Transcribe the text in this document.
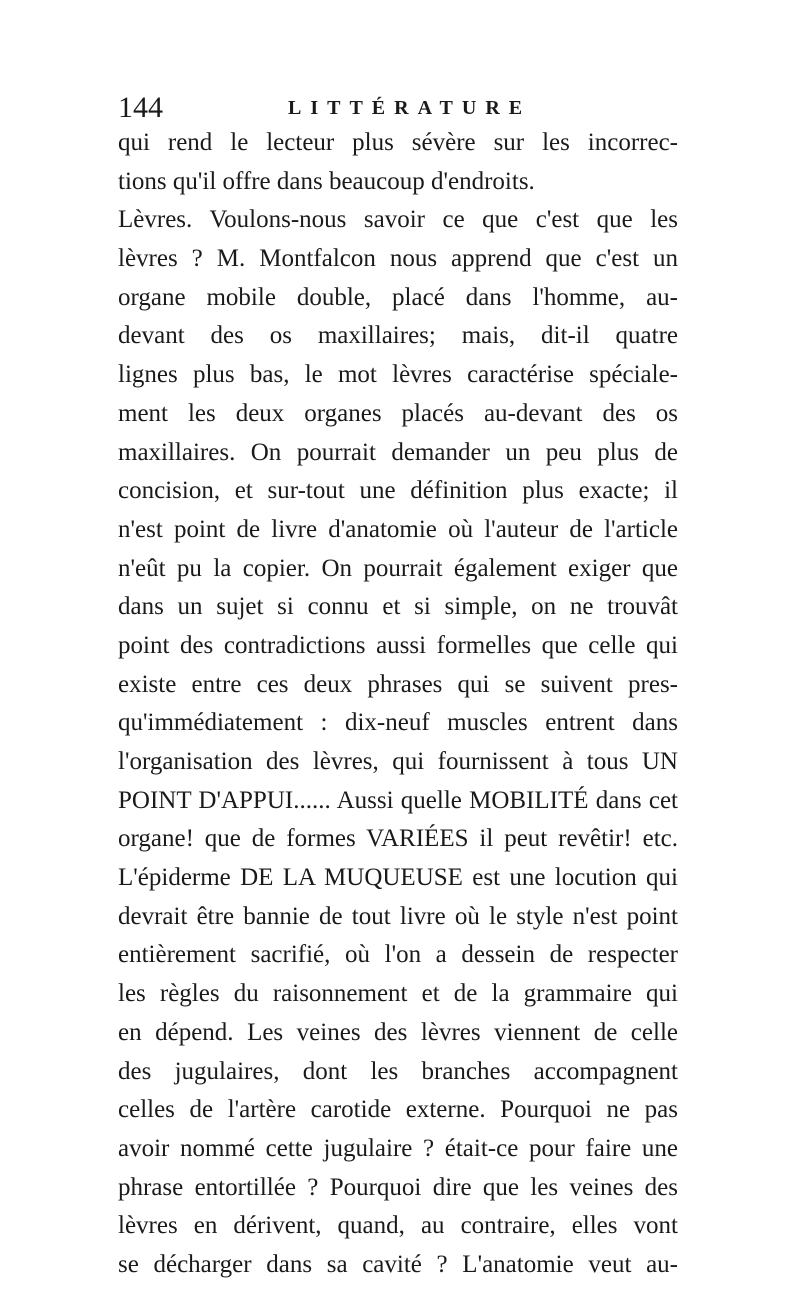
144	LITTÉRATURE
qui rend le lecteur plus sévère sur les incorrec-
tions qu'il offre dans beaucoup d'endroits.
Lèvres. Voulons-nous savoir ce que c'est que les
lèvres ? M. Montfalcon nous apprend que c'est un
organe mobile double, placé dans l'homme, au-
devant des os maxillaires; mais, dit-il quatre
lignes plus bas, le mot lèvres caractérise spéciale-
ment les deux organes placés au-devant des os
maxillaires. On pourrait demander un peu plus de
concision, et sur-tout une définition plus exacte; il
n'est point de livre d'anatomie où l'auteur de l'article
n'eût pu la copier. On pourrait également exiger que
dans un sujet si connu et si simple, on ne trouvât
point des contradictions aussi formelles que celle qui
existe entre ces deux phrases qui se suivent pres-
qu'immédiatement : dix-neuf muscles entrent dans
l'organisation des lèvres, qui fournissent à tous UN
POINT D'APPUI...... Aussi quelle MOBILITÉ dans cet
organe! que de formes VARIÉES il peut revêtir! etc.
L'épiderme DE LA MUQUEUSE est une locution qui
devrait être bannie de tout livre où le style n'est point
entièrement sacrifié, où l'on a dessein de respecter
les règles du raisonnement et de la grammaire qui
en dépend. Les veines des lèvres viennent de celle
des jugulaires, dont les branches accompagnent
celles de l'artère carotide externe. Pourquoi ne pas
avoir nommé cette jugulaire ? était-ce pour faire une
phrase entortillée ? Pourquoi dire que les veines des
lèvres en dérivent, quand, au contraire, elles vont
se décharger dans sa cavité ? L'anatomie veut au-
